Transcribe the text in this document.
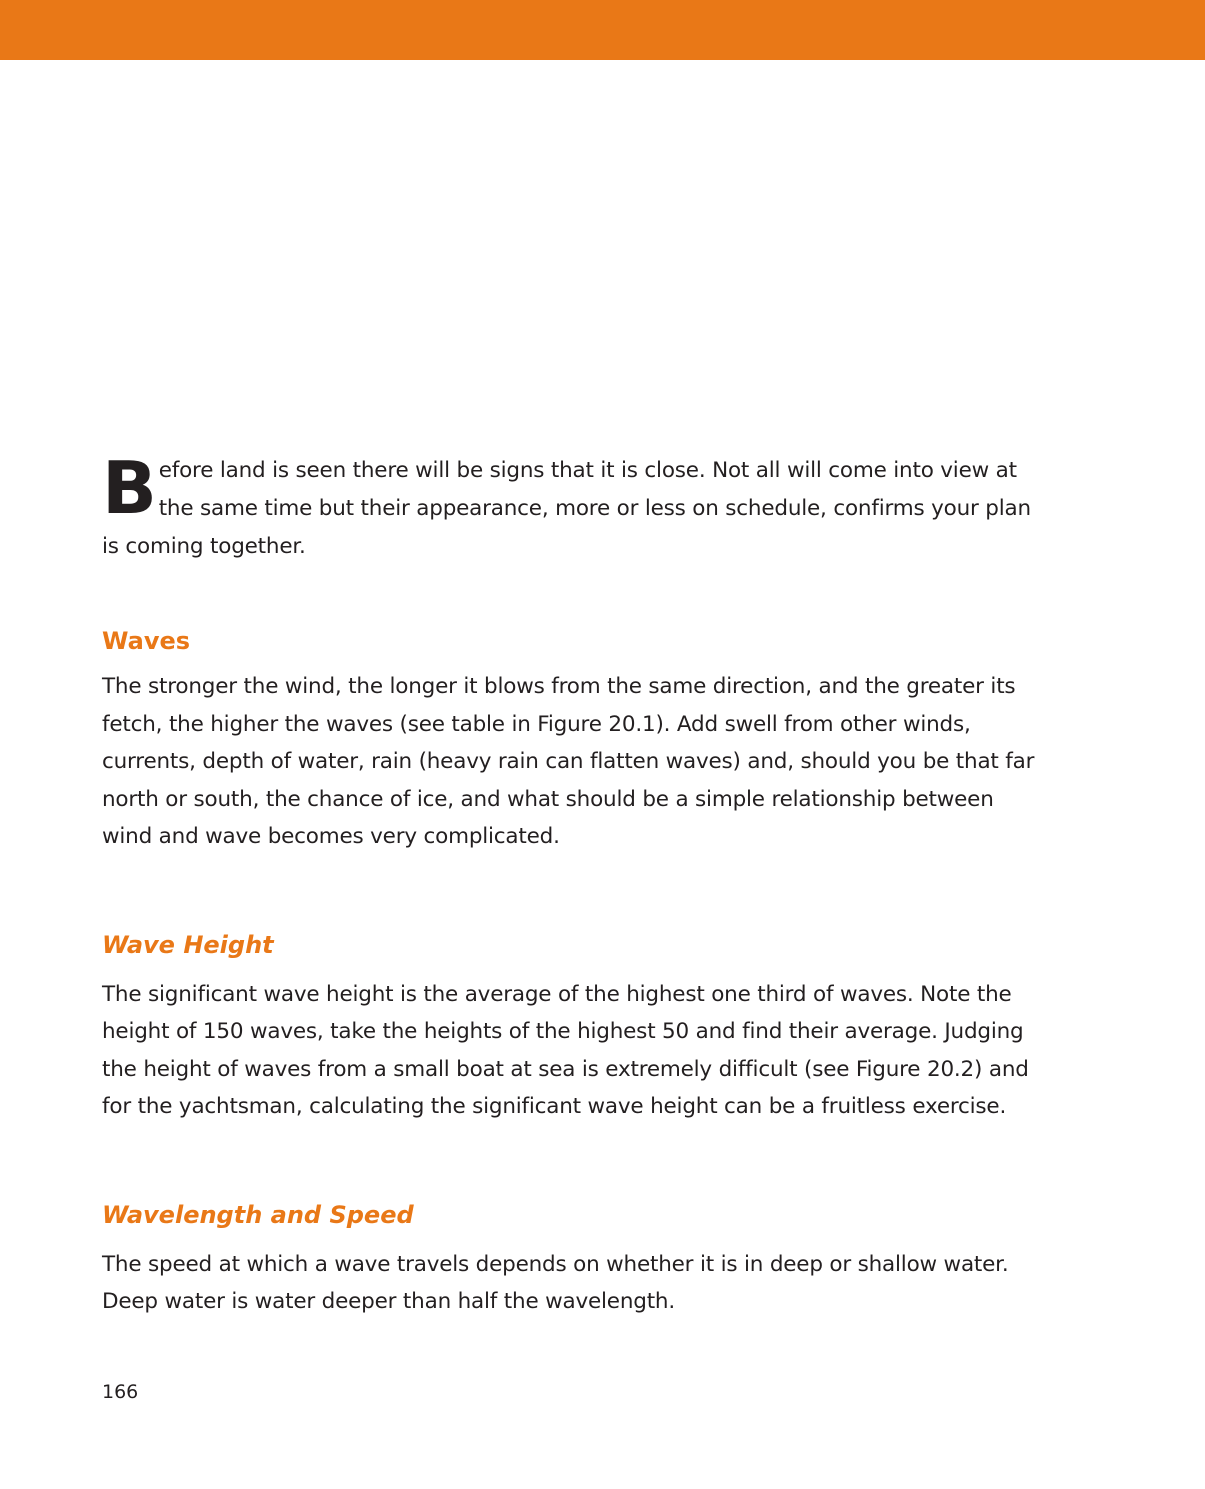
Before land is seen there will be signs that it is close. Not all will come into view at the same time but their appearance, more or less on schedule, confirms your plan is coming together.

Waves

The stronger the wind, the longer it blows from the same direction, and the greater its fetch, the higher the waves (see table in Figure 20.1). Add swell from other winds, currents, depth of water, rain (heavy rain can flatten waves) and, should you be that far north or south, the chance of ice, and what should be a simple relationship between wind and wave becomes very complicated.

Wave Height

The significant wave height is the average of the highest one third of waves. Note the height of 150 waves, take the heights of the highest 50 and find their average. Judging the height of waves from a small boat at sea is extremely difficult (see Figure 20.2) and for the yachtsman, calculating the significant wave height can be a fruitless exercise.

Wavelength and Speed

The speed at which a wave travels depends on whether it is in deep or shallow water. Deep water is water deeper than half the wavelength.

166
